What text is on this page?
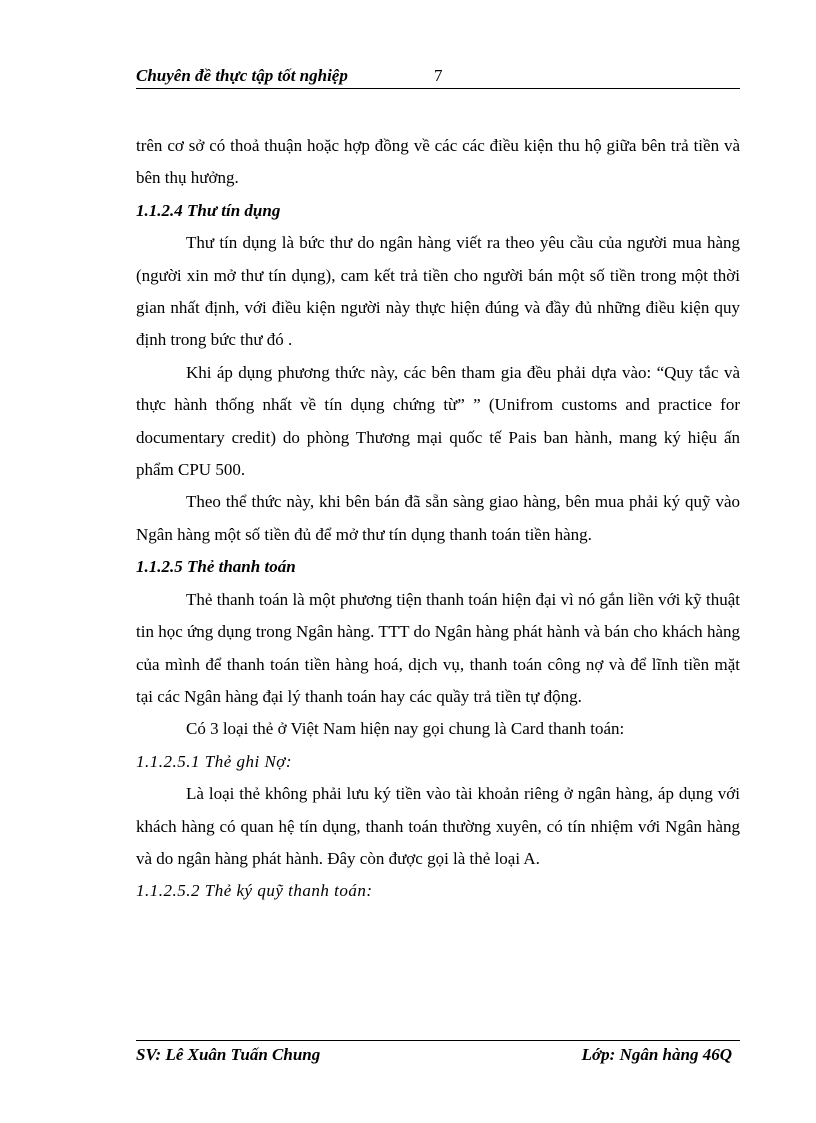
Chuyên đề thực tập tốt nghiệp	7

trên cơ sở có thoả thuận hoặc hợp đồng về các các điều kiện thu hộ giữa bên trả tiền và bên thụ hưởng.

1.1.2.4 Thư tín dụng

Thư tín dụng là bức thư do ngân hàng viết ra theo yêu cầu của người mua hàng (người xin mở thư tín dụng), cam kết trả tiền cho người bán một số tiền trong một thời gian nhất định, với điều kiện người này thực hiện đúng và đầy đủ những điều kiện quy định trong bức thư đó .

Khi áp dụng phương thức này, các bên tham gia đều phải dựa vào: “Quy tắc và thực hành thống nhất về tín dụng chứng từ” ” (Unifrom customs and practice for documentary credit) do phòng Thương mại quốc tế Pais ban hành, mang ký hiệu ấn phẩm CPU 500.

Theo thể thức này, khi bên bán đã sẵn sàng giao hàng, bên mua phải ký quỹ vào Ngân hàng một số tiền đủ để mở thư tín dụng thanh toán tiền hàng.

1.1.2.5 Thẻ thanh toán

Thẻ thanh toán là một phương tiện thanh toán hiện đại vì nó gắn liền với kỹ thuật tin học ứng dụng trong Ngân hàng. TTT do Ngân hàng phát hành và bán cho khách hàng của mình để thanh toán tiền hàng hoá, dịch vụ, thanh toán công nợ và để lĩnh tiền mặt tại các Ngân hàng đại lý thanh toán hay các quầy trả tiền tự động.

Có 3 loại thẻ ở Việt Nam hiện nay gọi chung là Card thanh toán:

1.1.2.5.1 Thẻ ghi Nợ:

Là loại thẻ không phải lưu ký tiền vào tài khoản riêng ở ngân hàng, áp dụng với khách hàng có quan hệ tín dụng, thanh toán thường xuyên, có tín nhiệm với Ngân hàng và do ngân hàng phát hành. Đây còn được gọi là thẻ loại A.

1.1.2.5.2 Thẻ ký quỹ thanh toán:

SV: Lê Xuân Tuấn Chung	Lớp: Ngân hàng 46Q
